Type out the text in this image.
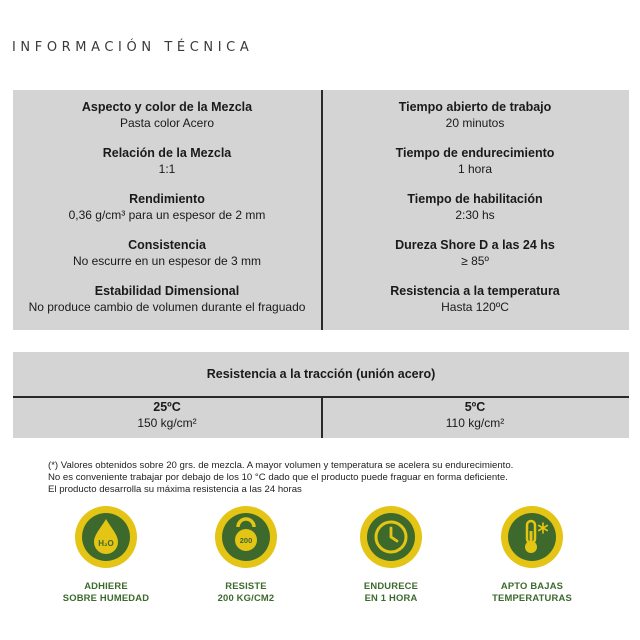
INFORMACIÓN TÉCNICA
Aspecto y color de la Mezcla
Pasta color Acero
Relación de la Mezcla
1:1
Rendimiento
0,36 g/cm³ para un espesor de 2 mm
Consistencia
No escurre en un espesor de 3 mm
Estabilidad Dimensional
No produce cambio de volumen durante el fraguado
Tiempo abierto de trabajo
20 minutos
Tiempo de endurecimiento
1 hora
Tiempo de habilitación
2:30 hs
Dureza Shore D a las 24 hs
≥ 85º
Resistencia a la temperatura
Hasta 120ºC
Resistencia a la tracción (unión acero)
25ºC
150 kg/cm²
5ºC
110 kg/cm²
(*) Valores obtenidos sobre 20 grs. de mezcla. A mayor volumen y temperatura se acelera su endurecimiento.
No es conveniente trabajar por debajo de los 10 °C dado que el producto puede fraguar en forma deficiente.
El producto desarrolla su máxima resistencia a las 24 horas
H₂O
ADHIERE
SOBRE HUMEDAD
200
RESISTE
200 KG/CM2
ENDURECE
EN 1 HORA
APTO BAJAS
TEMPERATURAS
